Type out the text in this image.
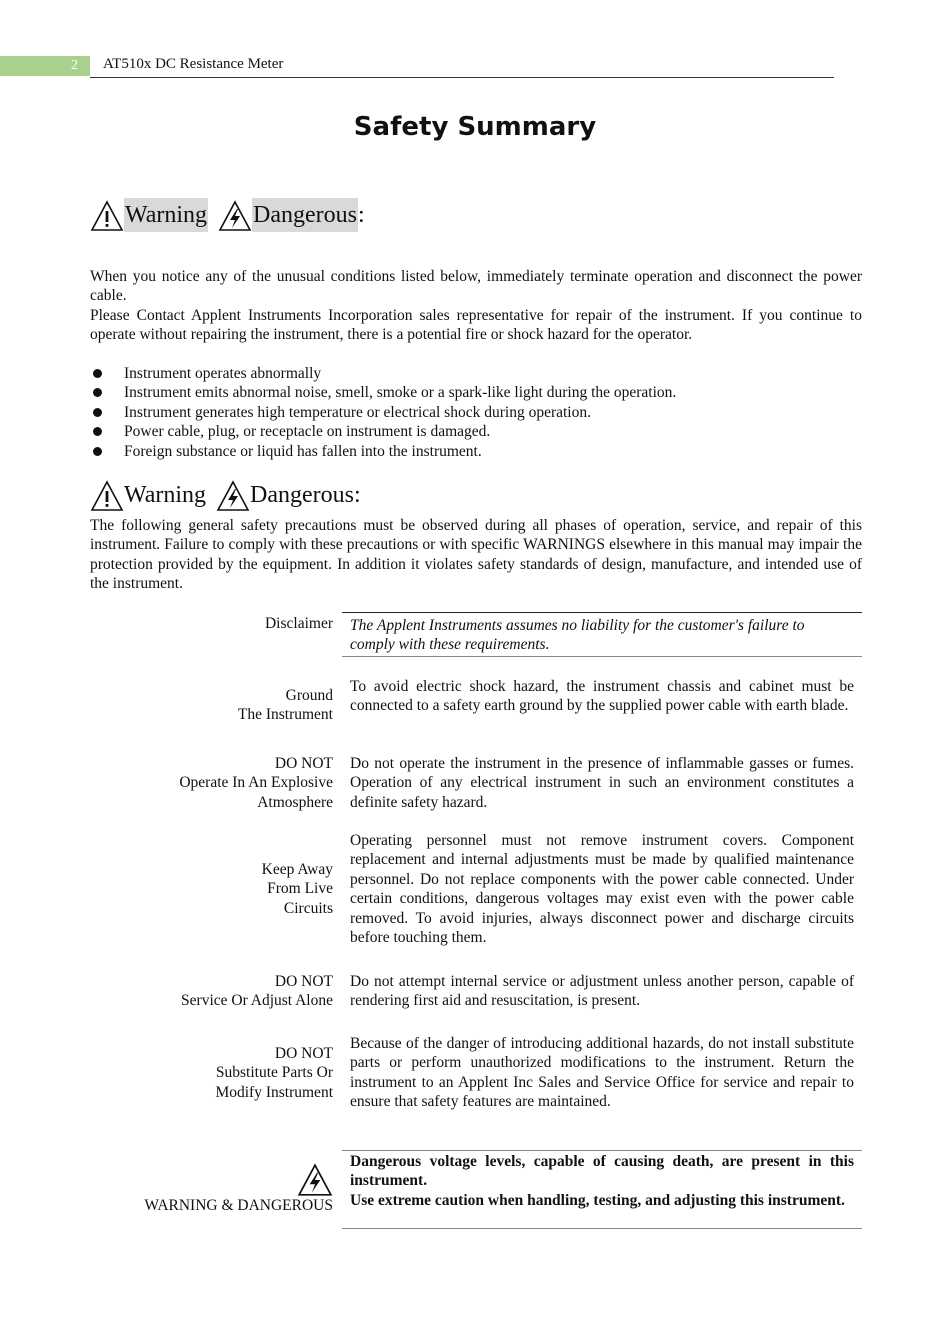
2	AT510x DC Resistance Meter
Safety Summary
Warning Dangerous :

When you notice any of the unusual conditions listed below, immediately terminate operation and disconnect the power cable.

Please Contact Applent Instruments Incorporation sales representative for repair of the instrument. If you continue to operate without repairing the instrument, there is a potential fire or shock hazard for the operator.

Instrument operates abnormally
Instrument emits abnormal noise, smell, smoke or a spark-like light during the operation.
Instrument generates high temperature or electrical shock during operation.
Power cable, plug, or receptacle on instrument is damaged.
Foreign substance or liquid has fallen into the instrument.
Warning Dangerous :
The following general safety precautions must be observed during all phases of operation, service, and repair of this instrument. Failure to comply with these precautions or with specific WARNINGS elsewhere in this manual may impair the protection provided by the equipment. In addition it violates safety standards of design, manufacture, and intended use of the instrument.
Disclaimer The Applent Instruments assumes no liability for the customer's failure to comply with these requirements.
Ground
The Instrument
To avoid electric shock hazard, the instrument chassis and cabinet must be connected to a safety earth ground by the supplied power cable with earth blade.
DO NOT
Operate In An Explosive
Atmosphere
Do not operate the instrument in the presence of inflammable gasses or fumes. Operation of any electrical instrument in such an environment constitutes a definite safety hazard.
Keep Away
From Live
Circuits
Operating personnel must not remove instrument covers. Component replacement and internal adjustments must be made by qualified maintenance personnel. Do not replace components with the power cable connected. Under certain conditions, dangerous voltages may exist even with the power cable removed. To avoid injuries, always disconnect power and discharge circuits before touching them.
DO NOT
Service Or Adjust Alone
Do not attempt internal service or adjustment unless another person, capable of rendering first aid and resuscitation, is present.
DO NOT
Substitute Parts Or
Modify Instrument
Because of the danger of introducing additional hazards, do not install substitute parts or perform unauthorized modifications to the instrument. Return the instrument to an Applent Inc Sales and Service Office for service and repair to ensure that safety features are maintained.
WARNING & DANGEROUS
Dangerous voltage levels, capable of causing death, are present in this instrument.
Use extreme caution when handling, testing, and adjusting this instrument.
